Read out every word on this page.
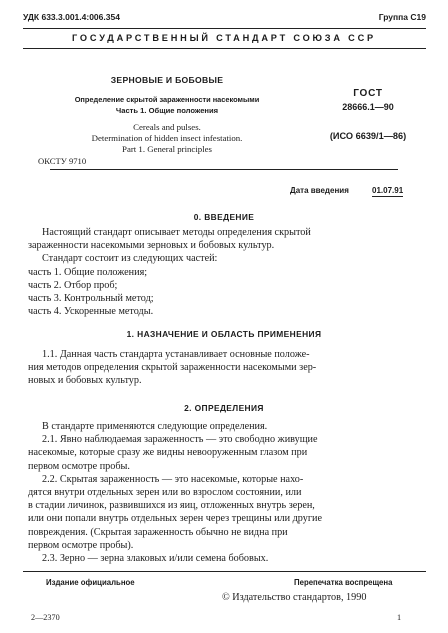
УДК 633.3.001.4:006.354	Группа С19
ГОСУДАРСТВЕННЫЙ СТАНДАРТ СОЮЗА ССР
ЗЕРНОВЫЕ И БОБОВЫЕ
Определение скрытой зараженности насекомыми
Часть 1. Общие положения
Cereals and pulses.
Determination of hidden insect infestation.
Part 1. General principles
ГОСТ
28666.1—90
(ИСО 6639/1—86)
ОКСТУ 9710
Дата введения	01.07.91
0. ВВЕДЕНИЕ
Настоящий стандарт описывает методы определения скрытой
зараженности насекомыми зерновых и бобовых культур.
Стандарт состоит из следующих частей:
часть 1. Общие положения;
часть 2. Отбор проб;
часть 3. Контрольный метод;
часть 4. Ускоренные методы.
1. НАЗНАЧЕНИЕ И ОБЛАСТЬ ПРИМЕНЕНИЯ
1.1. Данная часть стандарта устанавливает основные положе-
ния методов определения скрытой зараженности насекомыми зер-
новых и бобовых культур.
2. ОПРЕДЕЛЕНИЯ
В стандарте применяются следующие определения.
2.1. Явно наблюдаемая зараженность — это свободно живущие
насекомые, которые сразу же видны невооруженным глазом при
первом осмотре пробы.
2.2. Скрытая зараженность — это насекомые, которые нахо-
дятся внутри отдельных зерен или во взрослом состоянии, или
в стадии личинок, развившихся из яиц, отложенных внутрь зерен,
или они попали внутрь отдельных зерен через трещины или другие
повреждения. (Скрытая зараженность обычно не видна при
первом осмотре пробы).
2.3. Зерно — зерна злаковых и/или семена бобовых.
Издание официальное	Перепечатка воспрещена
© Издательство стандартов, 1990
2—2370	1
